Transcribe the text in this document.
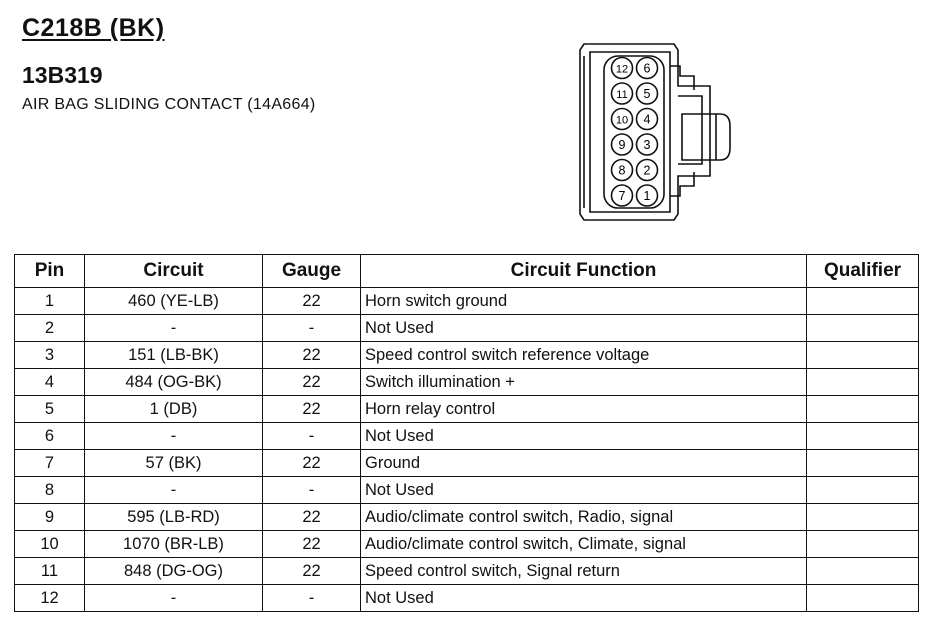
C218B (BK)
13B319
AIR BAG SLIDING CONTACT (14A664)
12 6
11 5
10 4
9 3
8 2
7 1
Pin	Circuit	Gauge	Circuit Function	Qualifier
1	460 (YE-LB)	22	Horn switch ground	
2	-	-	Not Used	
3	151 (LB-BK)	22	Speed control switch reference voltage	
4	484 (OG-BK)	22	Switch illumination +	
5	1 (DB)	22	Horn relay control	
6	-	-	Not Used	
7	57 (BK)	22	Ground	
8	-	-	Not Used	
9	595 (LB-RD)	22	Audio/climate control switch, Radio, signal	
10	1070 (BR-LB)	22	Audio/climate control switch, Climate, signal	
11	848 (DG-OG)	22	Speed control switch, Signal return	
12	-	-	Not Used	
